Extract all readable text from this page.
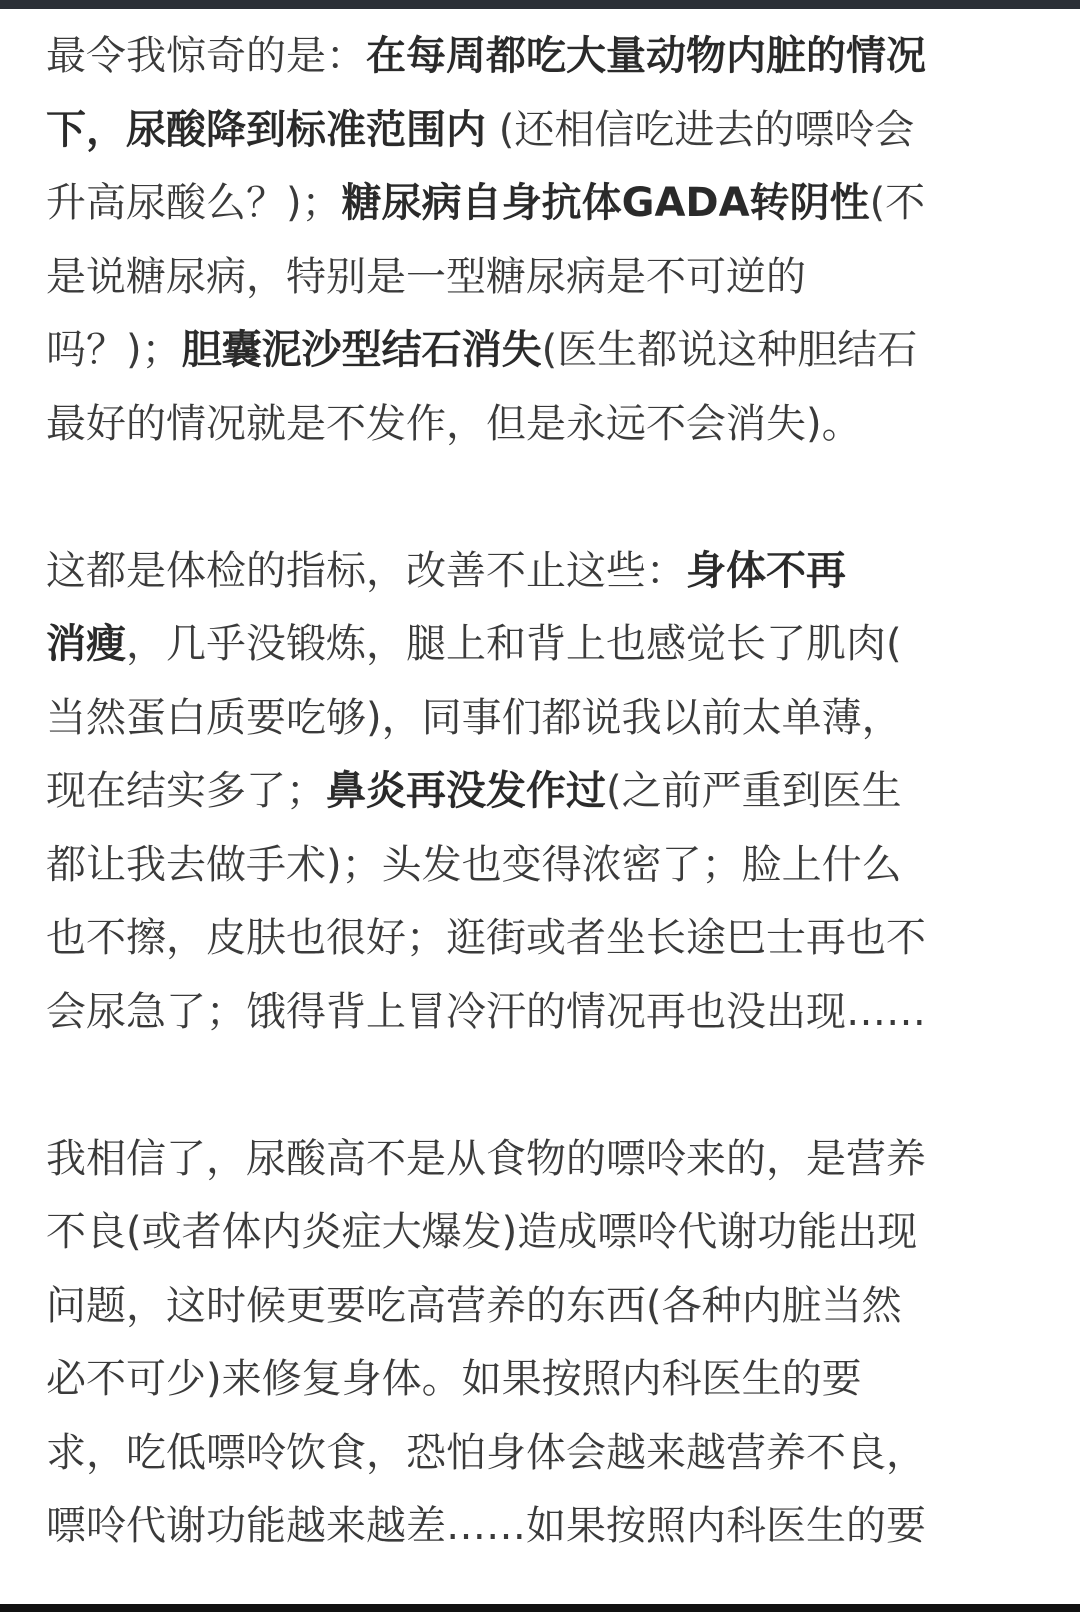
最令我惊奇的是：在每周都吃大量动物内脏的情况
下，尿酸降到标准范围内 (还相信吃进去的嘌呤会
升高尿酸么？)；糖尿病自身抗体GADA转阴性(不
是说糖尿病，特别是一型糖尿病是不可逆的
吗？)；胆囊泥沙型结石消失(医生都说这种胆结石
最好的情况就是不发作，但是永远不会消失)。

这都是体检的指标，改善不止这些：身体不再
消瘦，几乎没锻炼，腿上和背上也感觉长了肌肉(
当然蛋白质要吃够)，同事们都说我以前太单薄，
现在结实多了；鼻炎再没发作过(之前严重到医生
都让我去做手术)；头发也变得浓密了；脸上什么
也不擦，皮肤也很好；逛街或者坐长途巴士再也不
会尿急了；饿得背上冒冷汗的情况再也没出现……

我相信了，尿酸高不是从食物的嘌呤来的，是营养
不良(或者体内炎症大爆发)造成嘌呤代谢功能出现
问题，这时候更要吃高营养的东西(各种内脏当然
必不可少)来修复身体。如果按照内科医生的要
求，吃低嘌呤饮食，恐怕身体会越来越营养不良，
嘌呤代谢功能越来越差……如果按照内科医生的要
